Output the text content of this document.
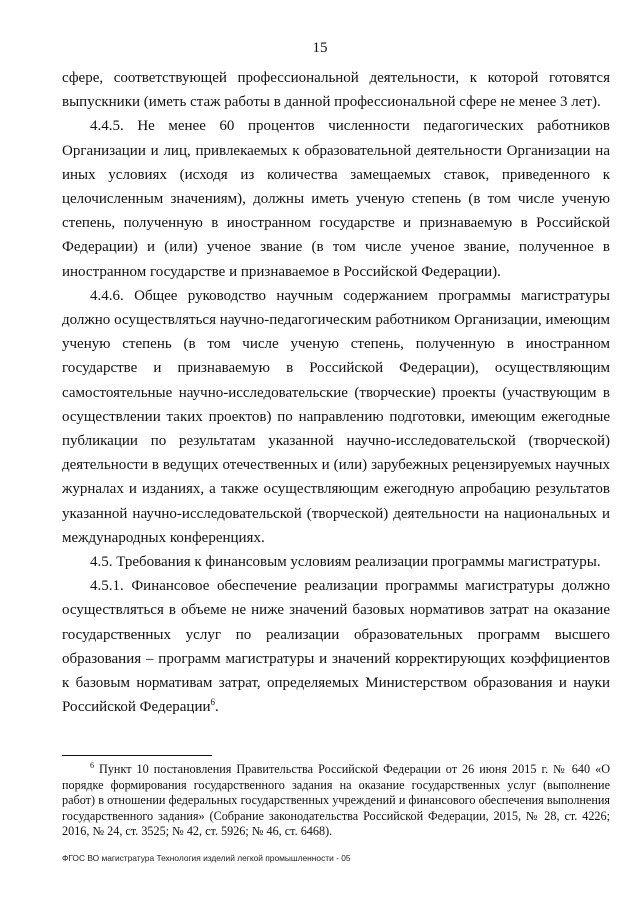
15

сфере, соответствующей профессиональной деятельности, к которой готовятся выпускники (иметь стаж работы в данной профессиональной сфере не менее 3 лет).

4.4.5. Не менее 60 процентов численности педагогических работников Организации и лиц, привлекаемых к образовательной деятельности Организации на иных условиях (исходя из количества замещаемых ставок, приведенного к целочисленным значениям), должны иметь ученую степень (в том числе ученую степень, полученную в иностранном государстве и признаваемую в Российской Федерации) и (или) ученое звание (в том числе ученое звание, полученное в иностранном государстве и признаваемое в Российской Федерации).

4.4.6. Общее руководство научным содержанием программы магистратуры должно осуществляться научно-педагогическим работником Организации, имеющим ученую степень (в том числе ученую степень, полученную в иностранном государстве и признаваемую в Российской Федерации), осуществляющим самостоятельные научно-исследовательские (творческие) проекты (участвующим в осуществлении таких проектов) по направлению подготовки, имеющим ежегодные публикации по результатам указанной научно-исследовательской (творческой) деятельности в ведущих отечественных и (или) зарубежных рецензируемых научных журналах и изданиях, а также осуществляющим ежегодную апробацию результатов указанной научно-исследовательской (творческой) деятельности на национальных и международных конференциях.

4.5. Требования к финансовым условиям реализации программы магистратуры.

4.5.1. Финансовое обеспечение реализации программы магистратуры должно осуществляться в объеме не ниже значений базовых нормативов затрат на оказание государственных услуг по реализации образовательных программ высшего образования – программ магистратуры и значений корректирующих коэффициентов к базовым нормативам затрат, определяемых Министерством образования и науки Российской Федерации$^6$.

$^6$ Пункт 10 постановления Правительства Российской Федерации от 26 июня 2015 г. № 640 «О порядке формирования государственного задания на оказание государственных услуг (выполнение работ) в отношении федеральных государственных учреждений и финансового обеспечения выполнения государственного задания» (Собрание законодательства Российской Федерации, 2015, № 28, ст. 4226; 2016, № 24, ст. 3525; № 42, ст. 5926; № 46, ст. 6468).

ФГОС ВО магистратура Технология изделий легкой промышленности - 05
